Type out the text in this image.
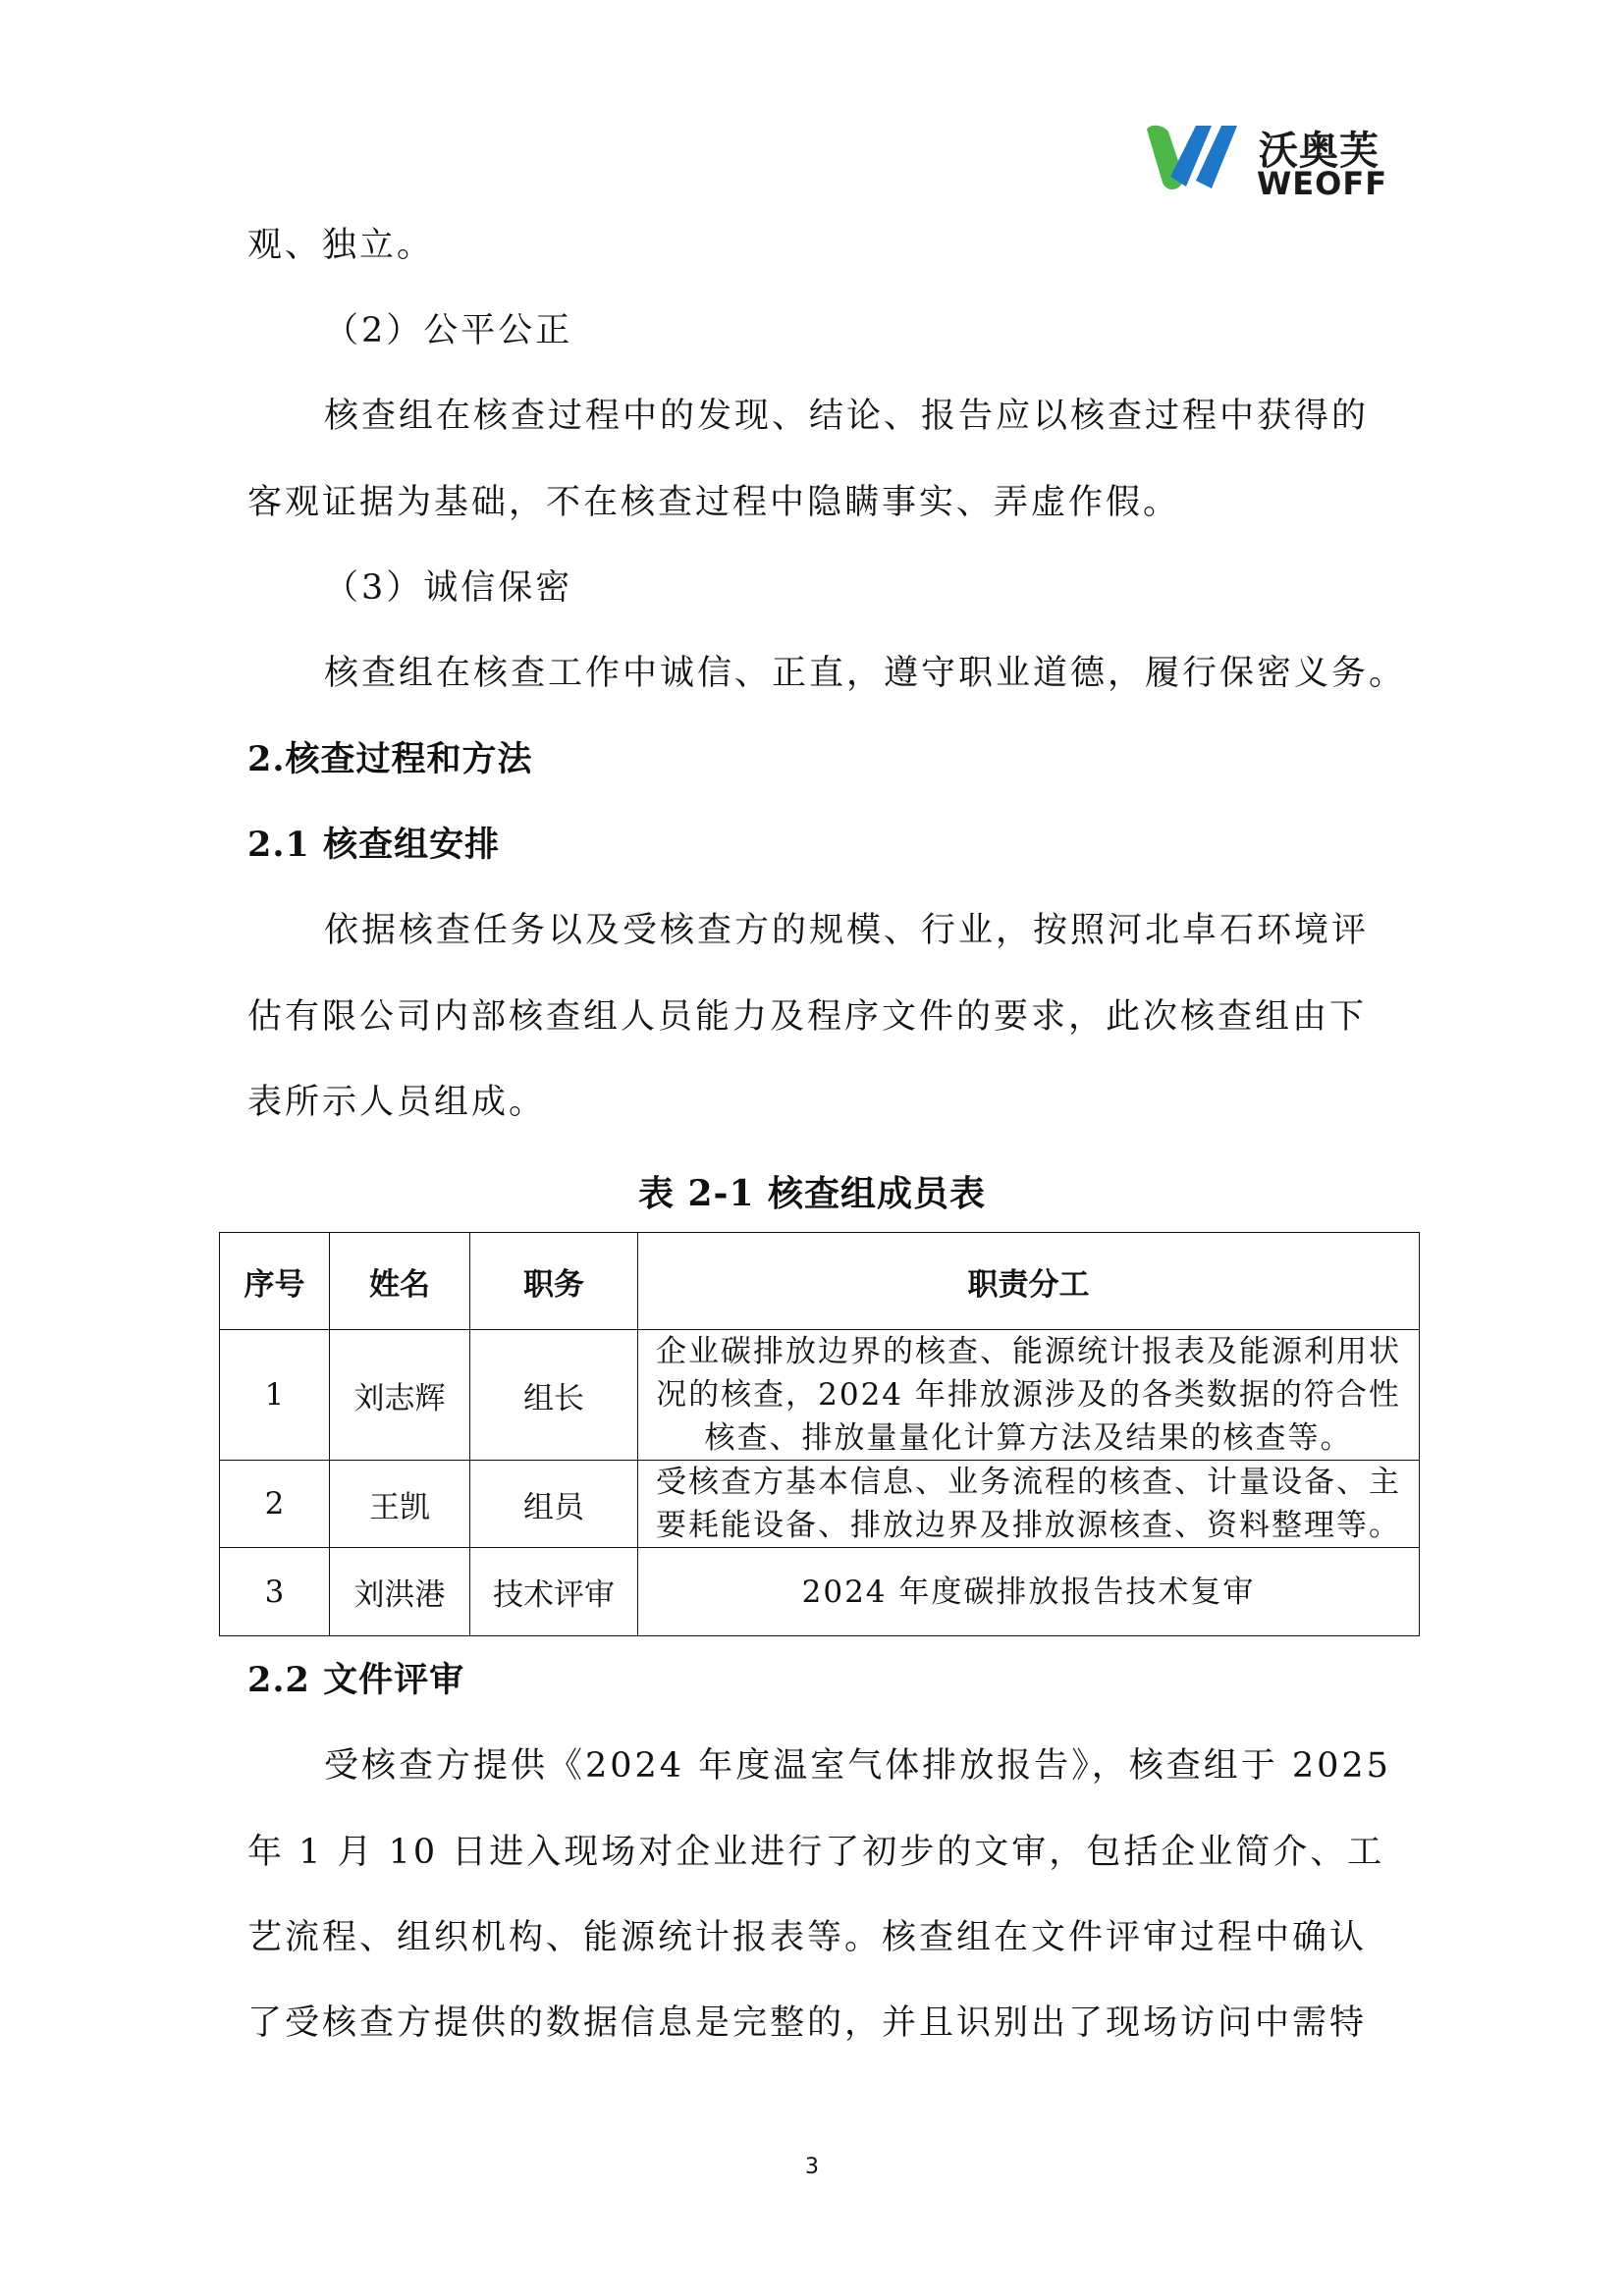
沃奥芙
WEOFF
观、独立。
（2）公平公正
核查组在核查过程中的发现、结论、报告应以核查过程中获得的
客观证据为基础，不在核查过程中隐瞒事实、弄虚作假。
（3）诚信保密
核查组在核查工作中诚信、正直，遵守职业道德，履行保密义务。
2.核查过程和方法
2.1 核查组安排
依据核查任务以及受核查方的规模、行业，按照河北卓石环境评
估有限公司内部核查组人员能力及程序文件的要求，此次核查组由下
表所示人员组成。
表 2-1 核查组成员表
序号	姓名	职务	职责分工
1	刘志辉	组长	企业碳排放边界的核查、能源统计报表及能源利用状
况的核查，2024 年排放源涉及的各类数据的符合性
核查、排放量量化计算方法及结果的核查等。

2	王凯	组员	受核查方基本信息、业务流程的核查、计量设备、主
要耗能设备、排放边界及排放源核查、资料整理等。

3	刘洪港	技术评审	2024 年度碳排放报告技术复审
2.2 文件评审
受核查方提供《2024 年度温室气体排放报告》，核查组于 2025
年 1 月 10 日进入现场对企业进行了初步的文审，包括企业简介、工
艺流程、组织机构、能源统计报表等。核查组在文件评审过程中确认
了受核查方提供的数据信息是完整的，并且识别出了现场访问中需特
3
